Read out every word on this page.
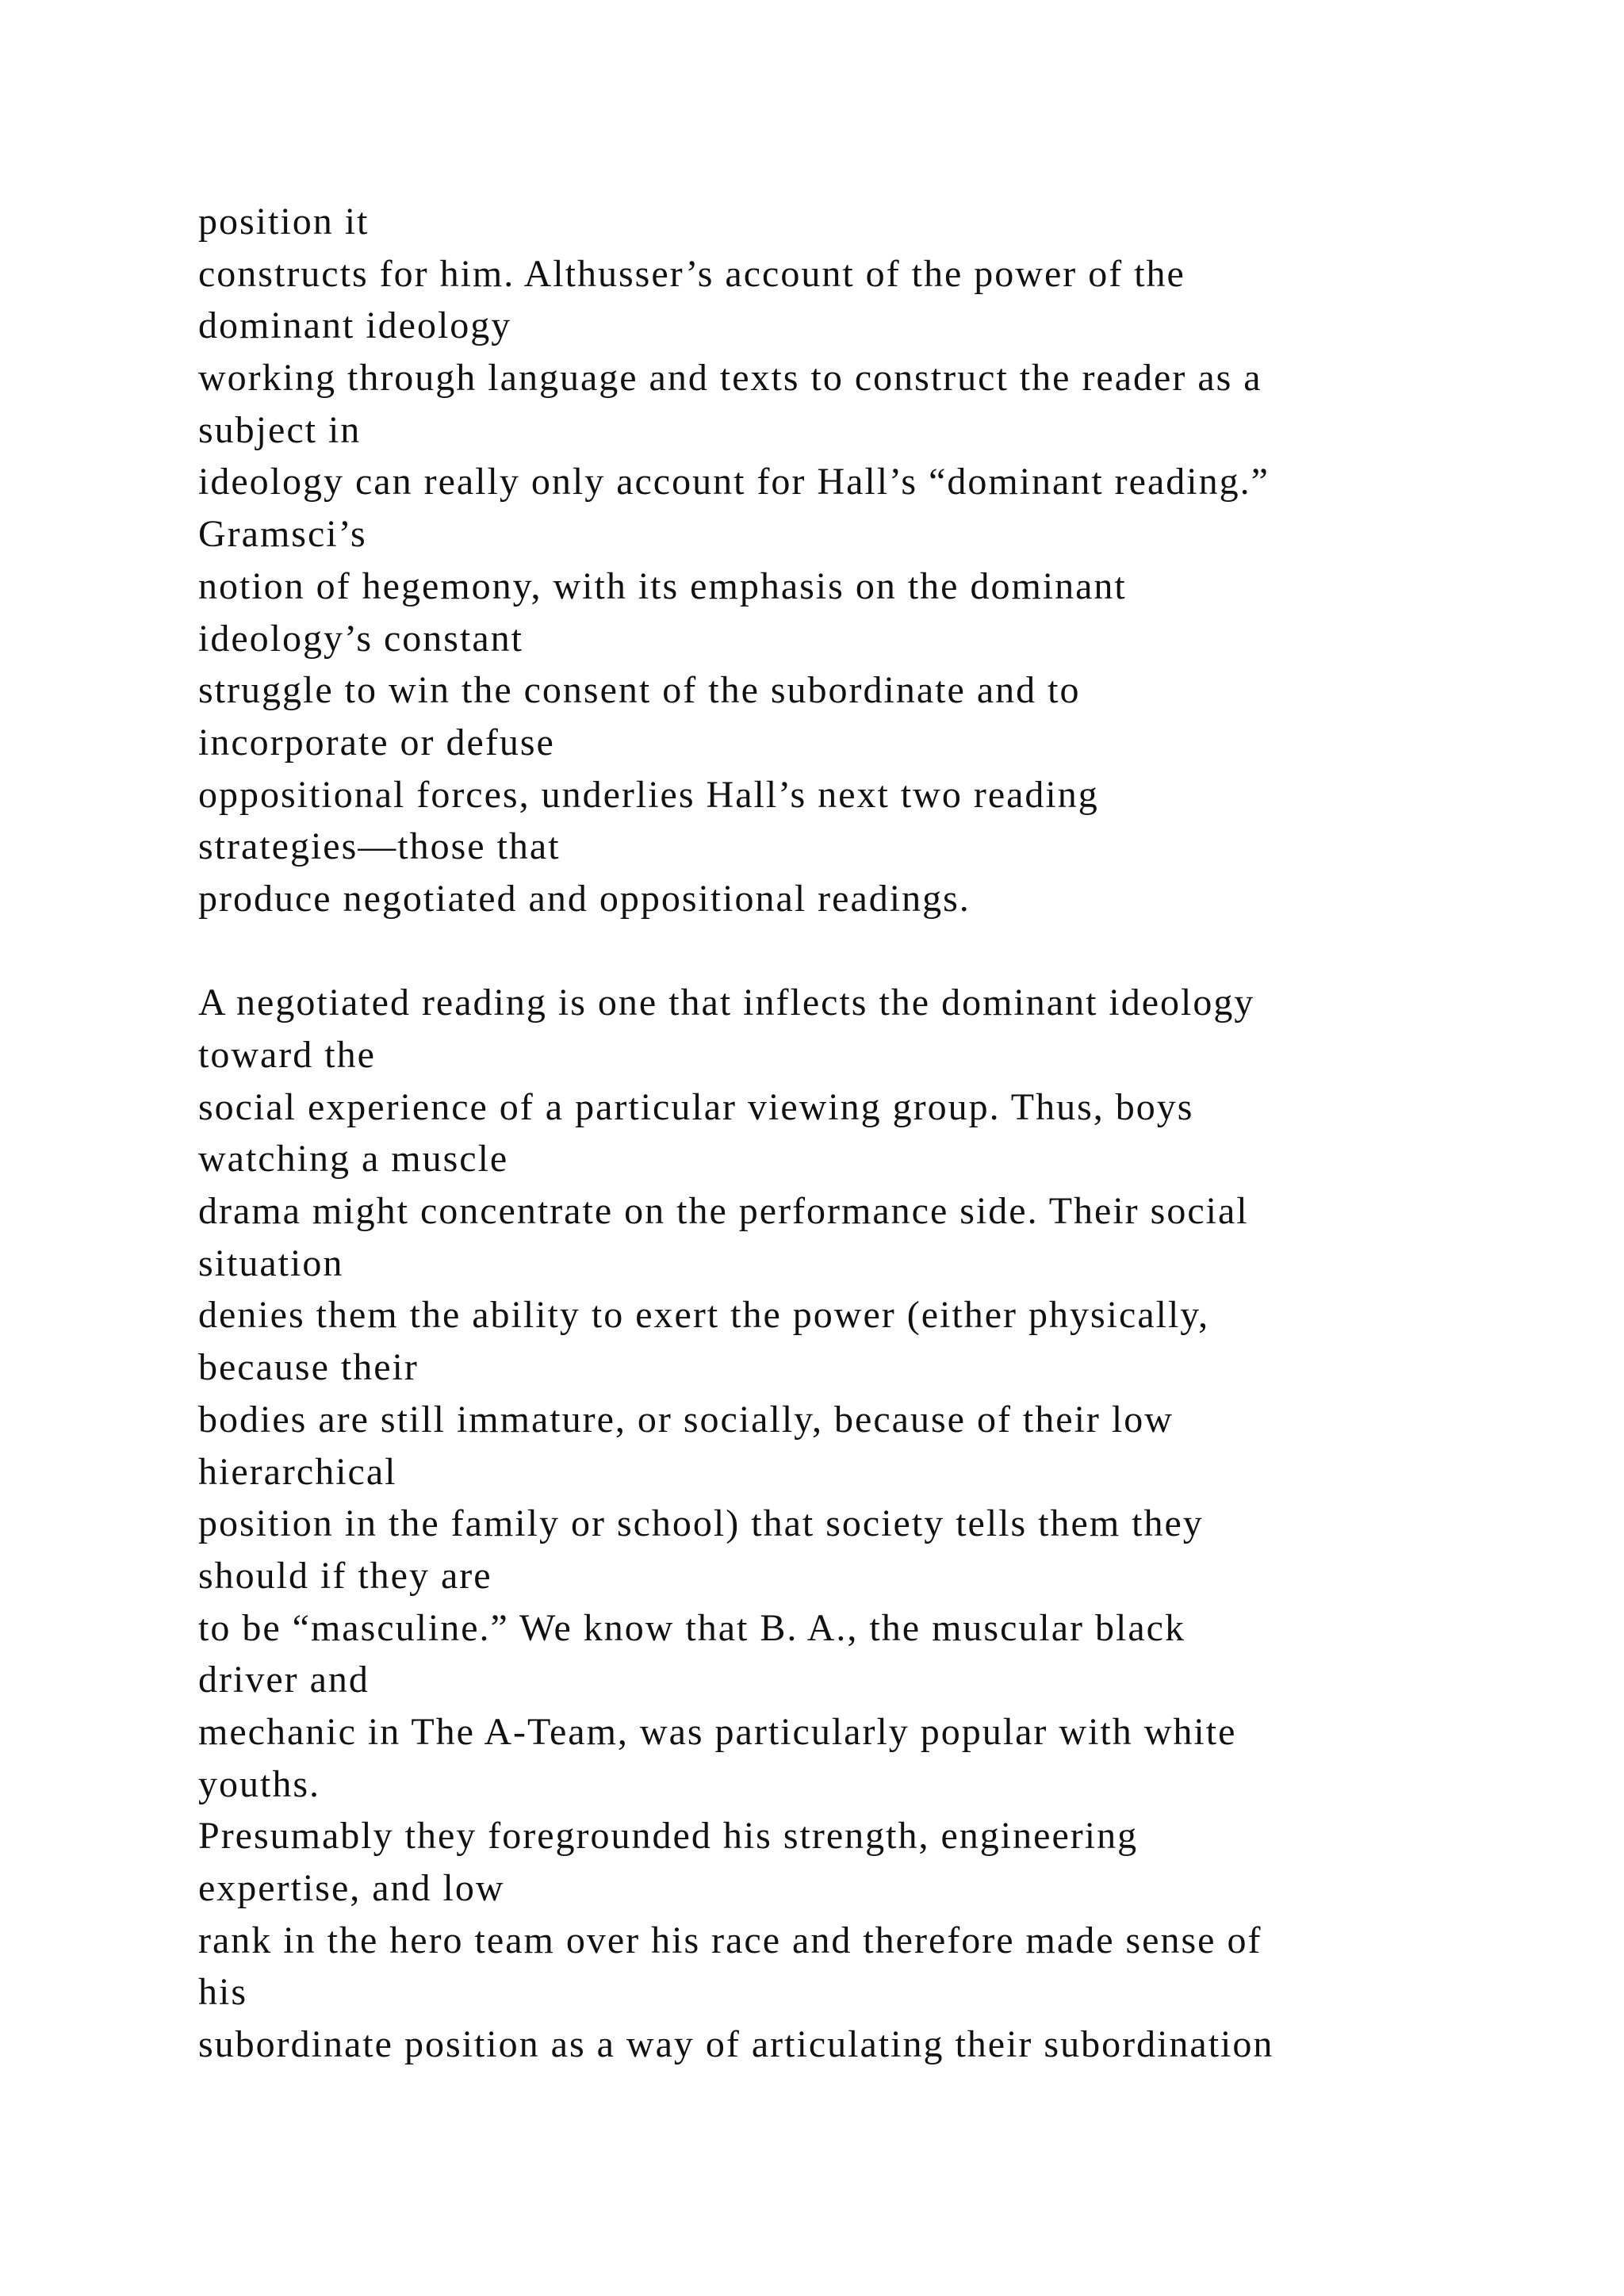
position it
constructs for him. Althusser’s account of the power of the
dominant ideology
working through language and texts to construct the reader as a
subject in
ideology can really only account for Hall’s “dominant reading.”
Gramsci’s
notion of hegemony, with its emphasis on the dominant
ideology’s constant
struggle to win the consent of the subordinate and to
incorporate or defuse
oppositional forces, underlies Hall’s next two reading
strategies—those that
produce negotiated and oppositional readings.
A negotiated reading is one that inflects the dominant ideology
toward the
social experience of a particular viewing group. Thus, boys
watching a muscle
drama might concentrate on the performance side. Their social
situation
denies them the ability to exert the power (either physically,
because their
bodies are still immature, or socially, because of their low
hierarchical
position in the family or school) that society tells them they
should if they are
to be “masculine.” We know that B. A., the muscular black
driver and
mechanic in The A-Team, was particularly popular with white
youths.
Presumably they foregrounded his strength, engineering
expertise, and low
rank in the hero team over his race and therefore made sense of
his
subordinate position as a way of articulating their subordination
